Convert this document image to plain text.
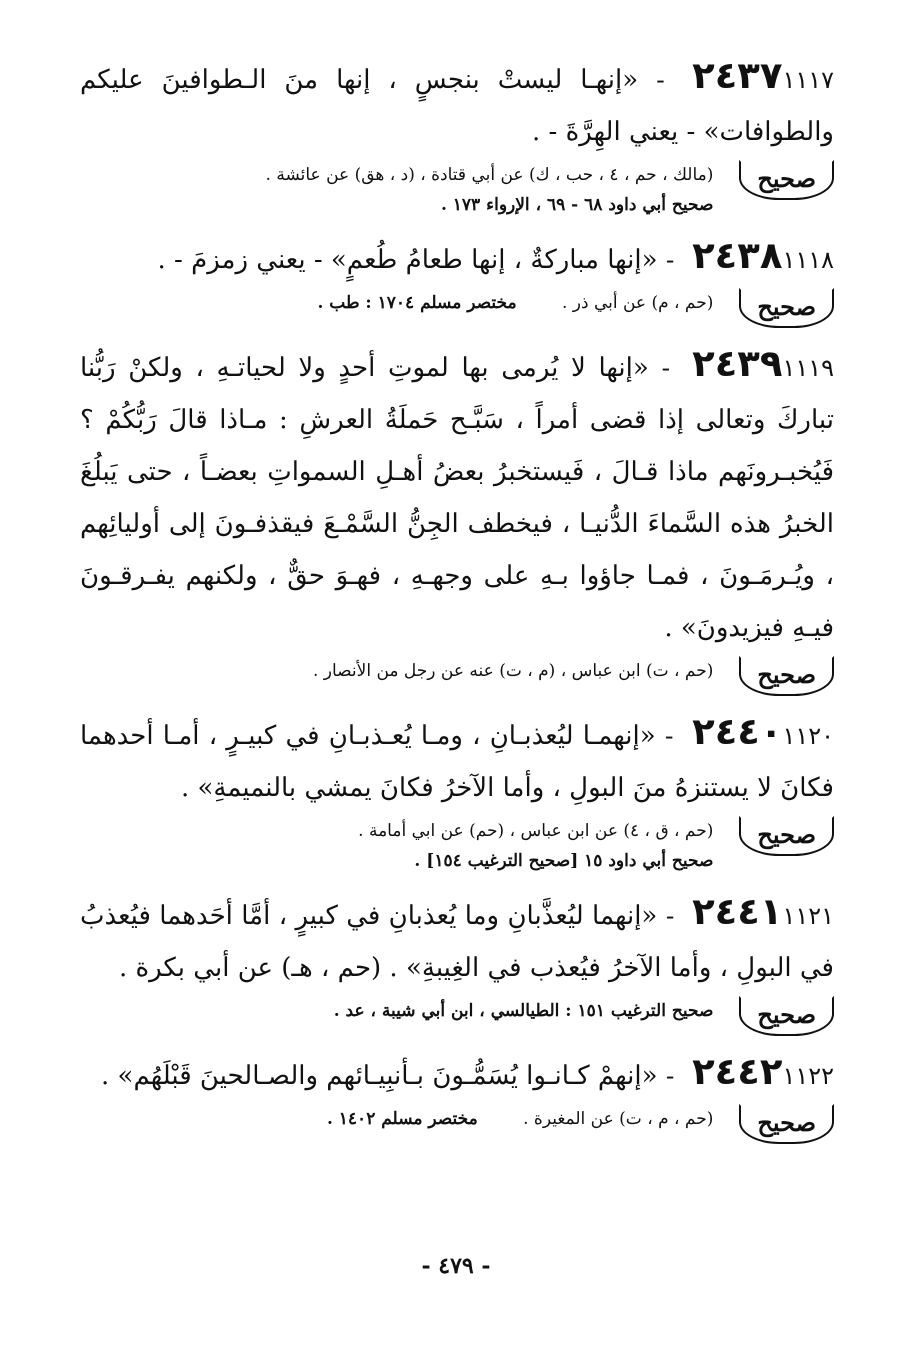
٢٤٣٧١١١٧ - «إنهـا ليستْ بنجسٍ ، إنها منَ الـطوافينَ عليكم والطوافات» - يعني الهِرَّةَ - .

صحيح

(مالك ، حم ، ٤ ، حب ، ك) عن أبي قتادة ، (د ، هق) عن عائشة .

صحيح أبي داود ٦٨ - ٦٩ ، الإرواء ١٧٣ .

٢٤٣٨١١١٨ - «إنها مباركةٌ ، إنها طعامُ طُعمٍ» - يعني زمزمَ - .

صحيح

(حم ، م) عن أبي ذر . مختصر مسلم ١٧٠٤ : طب .

٢٤٣٩١١١٩ - «إنها لا يُرمى بها لموتِ أحدٍ ولا لحياتـهِ ، ولكنْ رَبُّنا تباركَ وتعالى إذا قضى أمراً ، سَبَّـح حَملَةُ العرشِ : مـاذا قالَ رَبُّكُمْ ؟ فَيُخبـرونَهم ماذا قـالَ ، فَيستخبرُ بعضُ أهـلِ السمواتِ بعضـاً ، حتى يَبلُغَ الخبرُ هذه السَّماءَ الدُّنيـا ، فيخطف الجِنُّ السَّمْـعَ فيقذفـونَ إلى أوليائِهم ، ويُـرمَـونَ ، فمـا جاؤوا بـهِ على وجهـهِ ، فهـوَ حقٌّ ، ولكنهم يفـرقـونَ فيـهِ فيزيدونَ» .

صحيح

(حم ، ت) ابن عباس ، (م ، ت) عنه عن رجل من الأنصار .

٢٤٤٠١١٢٠ - «إنهمـا ليُعذبـانِ ، ومـا يُعـذبـانِ في كبيـرٍ ، أمـا أحدهما فكانَ لا يستنزهُ منَ البولِ ، وأما الآخرُ فكانَ يمشي بالنميمةِ» .

صحيح

(حم ، ق ، ٤) عن ابن عباس ، (حم) عن ابي أمامة .

صحيح أبي داود ١٥ [صحيح الترغيب ١٥٤] .

٢٤٤١١١٢١ - «إنهما ليُعذَّبانِ وما يُعذبانِ في كبيرٍ ، أمَّا أحَدهما فيُعذبُ في البولِ ، وأما الآخرُ فيُعذب في الغِيبةِ» . (حم ، هـ) عن أبي بكرة .

صحيح

صحيح الترغيب ١٥١ : الطيالسي ، ابن أبي شيبة ، عد .

٢٤٤٢١١٢٢ - «إنهمْ كـانـوا يُسَمُّـونَ بـأنبِيـائهم والصـالحينَ قَبْلَهُم» .

صحيح

(حم ، م ، ت) عن المغيرة . مختصر مسلم ١٤٠٢ .

- ٤٧٩ -
